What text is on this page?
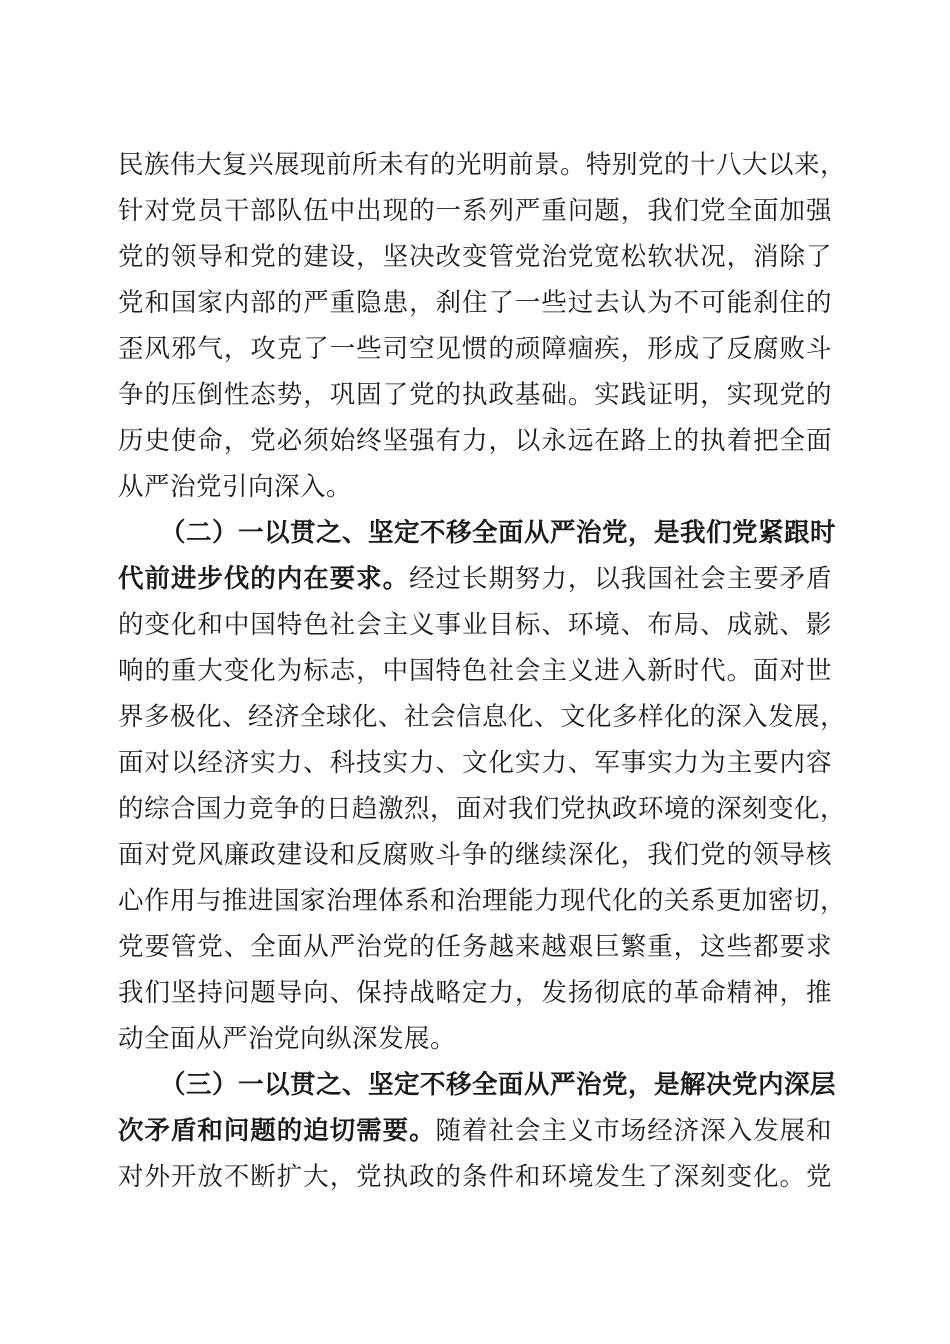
民族伟大复兴展现前所未有的光明前景。特别党的十八大以来，
针对党员干部队伍中出现的一系列严重问题，我们党全面加强
党的领导和党的建设，坚决改变管党治党宽松软状况，消除了
党和国家内部的严重隐患，刹住了一些过去认为不可能刹住的
歪风邪气，攻克了一些司空见惯的顽障痼疾，形成了反腐败斗
争的压倒性态势，巩固了党的执政基础。实践证明，实现党的
历史使命，党必须始终坚强有力，以永远在路上的执着把全面
从严治党引向深入。
（二）一以贯之、坚定不移全面从严治党，是我们党紧跟时
代前进步伐的内在要求。经过长期努力，以我国社会主要矛盾
的变化和中国特色社会主义事业目标、环境、布局、成就、影
响的重大变化为标志，中国特色社会主义进入新时代。面对世
界多极化、经济全球化、社会信息化、文化多样化的深入发展，
面对以经济实力、科技实力、文化实力、军事实力为主要内容
的综合国力竞争的日趋激烈，面对我们党执政环境的深刻变化，
面对党风廉政建设和反腐败斗争的继续深化，我们党的领导核
心作用与推进国家治理体系和治理能力现代化的关系更加密切，
党要管党、全面从严治党的任务越来越艰巨繁重，这些都要求
我们坚持问题导向、保持战略定力，发扬彻底的革命精神，推
动全面从严治党向纵深发展。
（三）一以贯之、坚定不移全面从严治党，是解决党内深层
次矛盾和问题的迫切需要。随着社会主义市场经济深入发展和
对外开放不断扩大，党执政的条件和环境发生了深刻变化。党
